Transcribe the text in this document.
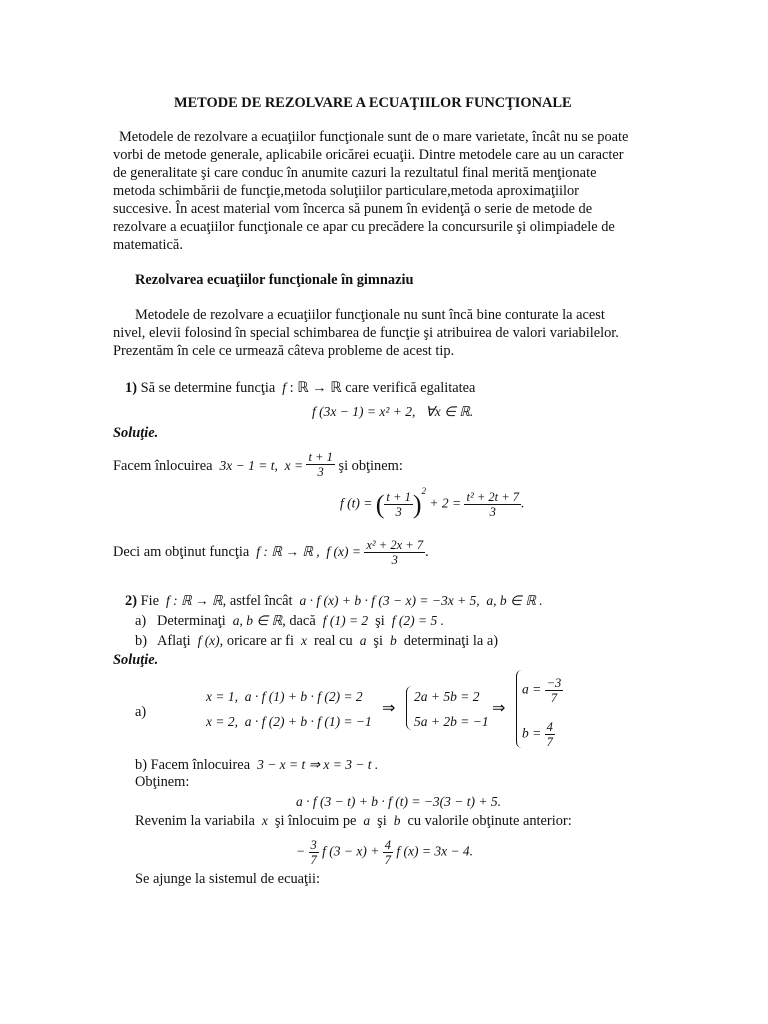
METODE DE REZOLVARE A ECUAŢIILOR FUNCŢIONALE
Metodele de rezolvare a ecuaţiilor funcţionale sunt de o mare varietate, încât nu se poate
vorbi de metode generale, aplicabile oricărei ecuaţii. Dintre metodele care au un caracter
de generalitate şi care conduc în anumite cazuri la rezultatul final merită menţionate
metoda schimbării de funcţie,metoda soluţiilor particulare,metoda aproximaţiilor
succesive. În acest material vom încerca să punem în evidenţă o serie de metode de
rezolvare a ecuaţiilor funcţionale ce apar cu precădere la concursurile şi olimpiadele de
matematică.
Rezolvarea ecuaţiilor funcţionale în gimnaziu
Metodele de rezolvare a ecuaţiilor funcţionale nu sunt încă bine conturate la acest
nivel, elevii folosind în special schimbarea de funcţie şi atribuirea de valori variabilelor.
Prezentăm în cele ce urmează câteva probleme de acest tip.
1) Să se determine funcţia  f : ℝ → ℝ care verifică egalitatea
f (3x − 1) = x² + 2,   ∀x ∈ ℝ.
Soluţie.
Facem înlocuirea  3x − 1 = t,  $x = \frac{t + 1}{3}$ şi obţinem:
f (t) = ( $\frac{t + 1}{3} )^2 + 2 = \frac{\text{t² + 2t + 7}}{3}$ .
Deci am obţinut funcţia  f : ℝ → ℝ ,  f $(x) = \frac{\text{x² + 2x + 7}}{3}$ .
2) Fie  f : ℝ → ℝ, astfel încât  a · f (x) + b · f (3 − x) = −3x + 5,  a, b ∈ ℝ .
a) Determinaţi  a, b ∈ ℝ, dacă  f (1) = 2  şi  f (2) = 5 .
b) Aflaţi  f (x), oricare ar fi  x  real cu  a  şi  b  determinaţi la a)
Soluţie.
a)
x = 1,  a · f (1) + b · f (2) = 2
x = 2,  a · f (2) + b · f (1) = −1
⇒
2a + 5b = 2
5a + 2b = −1
⇒
$a = \frac{-3}{7}$
$b = \frac{4}{7}$
b) Facem înlocuirea  3 − x = t ⇒ x = 3 − t .
Obţinem:
a · f (3 − t) + b · f (t) = −3(3 − t) + 5.
Revenim la variabila  x  şi înlocuim pe  a  şi  b  cu valorile obţinute anterior:
− $\frac{3}{7}$ f $(3 - x) + \frac{4}{7}$ f (x) = 3x − 4.
Se ajunge la sistemul de ecuaţii:
